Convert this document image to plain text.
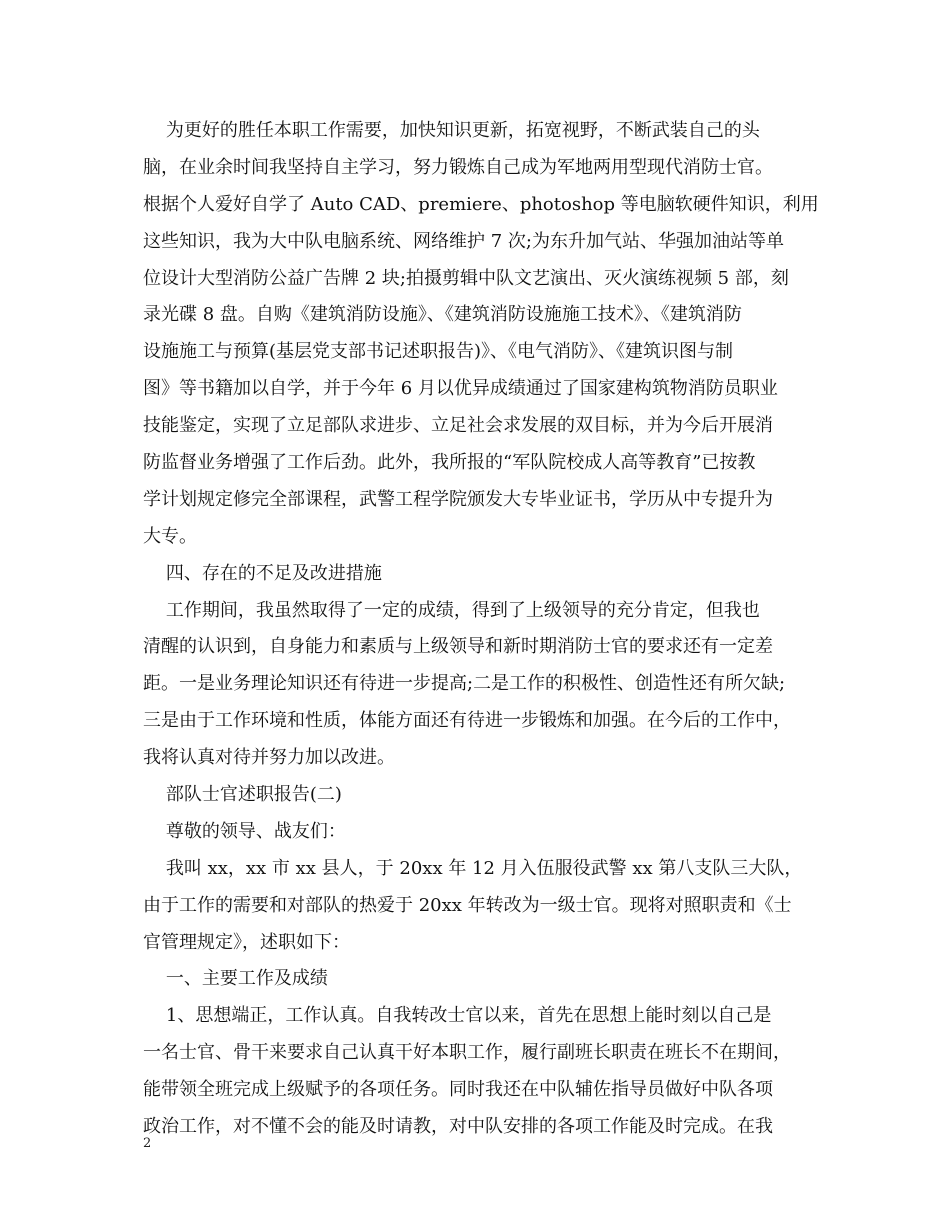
为更好的胜任本职工作需要，加快知识更新，拓宽视野，不断武装自己的头
脑，在业余时间我坚持自主学习，努力锻炼自己成为军地两用型现代消防士官。
根据个人爱好自学了 Auto CAD、premiere、photoshop 等电脑软硬件知识，利用
这些知识，我为大中队电脑系统、网络维护 7 次;为东升加气站、华强加油站等单
位设计大型消防公益广告牌 2 块;拍摄剪辑中队文艺演出、灭火演练视频 5 部，刻
录光碟 8 盘。自购《建筑消防设施》、《建筑消防设施施工技术》、《建筑消防
设施施工与预算(基层党支部书记述职报告)》、《电气消防》、《建筑识图与制
图》等书籍加以自学，并于今年 6 月以优异成绩通过了国家建构筑物消防员职业
技能鉴定，实现了立足部队求进步、立足社会求发展的双目标，并为今后开展消
防监督业务增强了工作后劲。此外，我所报的“军队院校成人高等教育”已按教
学计划规定修完全部课程，武警工程学院颁发大专毕业证书，学历从中专提升为
大专。
四、存在的不足及改进措施
工作期间，我虽然取得了一定的成绩，得到了上级领导的充分肯定，但我也
清醒的认识到，自身能力和素质与上级领导和新时期消防士官的要求还有一定差
距。一是业务理论知识还有待进一步提高;二是工作的积极性、创造性还有所欠缺;
三是由于工作环境和性质，体能方面还有待进一步锻炼和加强。在今后的工作中，
我将认真对待并努力加以改进。
部队士官述职报告(二)
尊敬的领导、战友们：
我叫 xx，xx 市 xx 县人，于 20xx 年 12 月入伍服役武警 xx 第八支队三大队，
由于工作的需要和对部队的热爱于 20xx 年转改为一级士官。现将对照职责和《士
官管理规定》，述职如下：
一、主要工作及成绩
1、思想端正，工作认真。自我转改士官以来，首先在思想上能时刻以自己是
一名士官、骨干来要求自己认真干好本职工作，履行副班长职责在班长不在期间，
能带领全班完成上级赋予的各项任务。同时我还在中队辅佐指导员做好中队各项
政治工作，对不懂不会的能及时请教，对中队安排的各项工作能及时完成。在我
2
